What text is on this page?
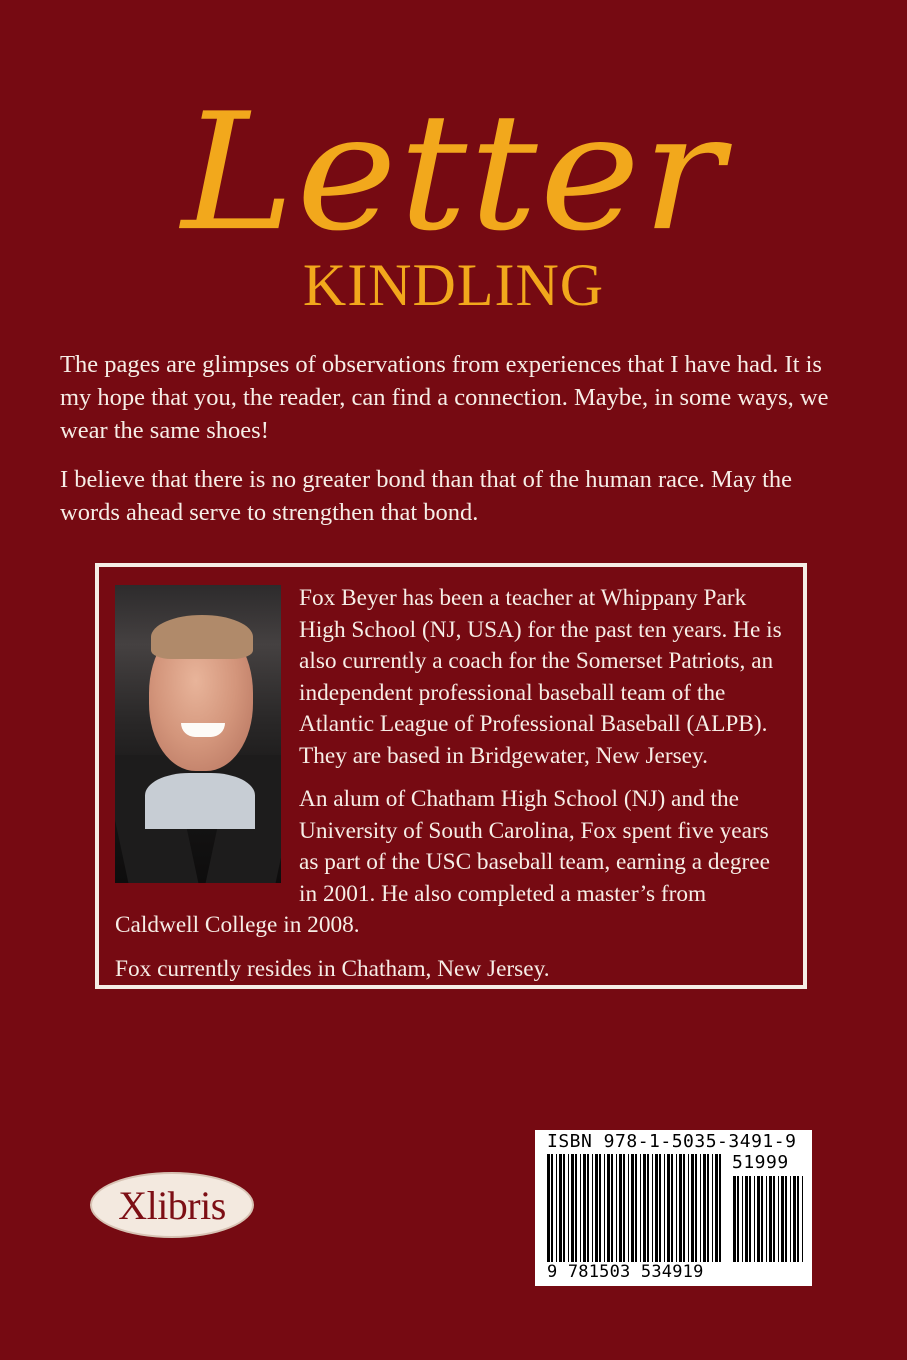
Letter
KINDLING

The pages are glimpses of observations from experiences that I have had. It is my hope that you, the reader, can find a connection. Maybe, in some ways, we wear the same shoes!

I believe that there is no greater bond than that of the human race. May the words ahead serve to strengthen that bond.

Fox Beyer has been a teacher at Whippany Park High School (NJ, USA) for the past ten years. He is also currently a coach for the Somerset Patriots, an independent professional baseball team of the Atlantic League of Professional Baseball (ALPB). They are based in Bridgewater, New Jersey.

An alum of Chatham High School (NJ) and the University of South Carolina, Fox spent five years as part of the USC baseball team, earning a degree in 2001. He also completed a master’s from Caldwell College in 2008.

Fox currently resides in Chatham, New Jersey.

Xlibris
ISBN 978-1-5035-3491-9
51999
9 781503 534919
